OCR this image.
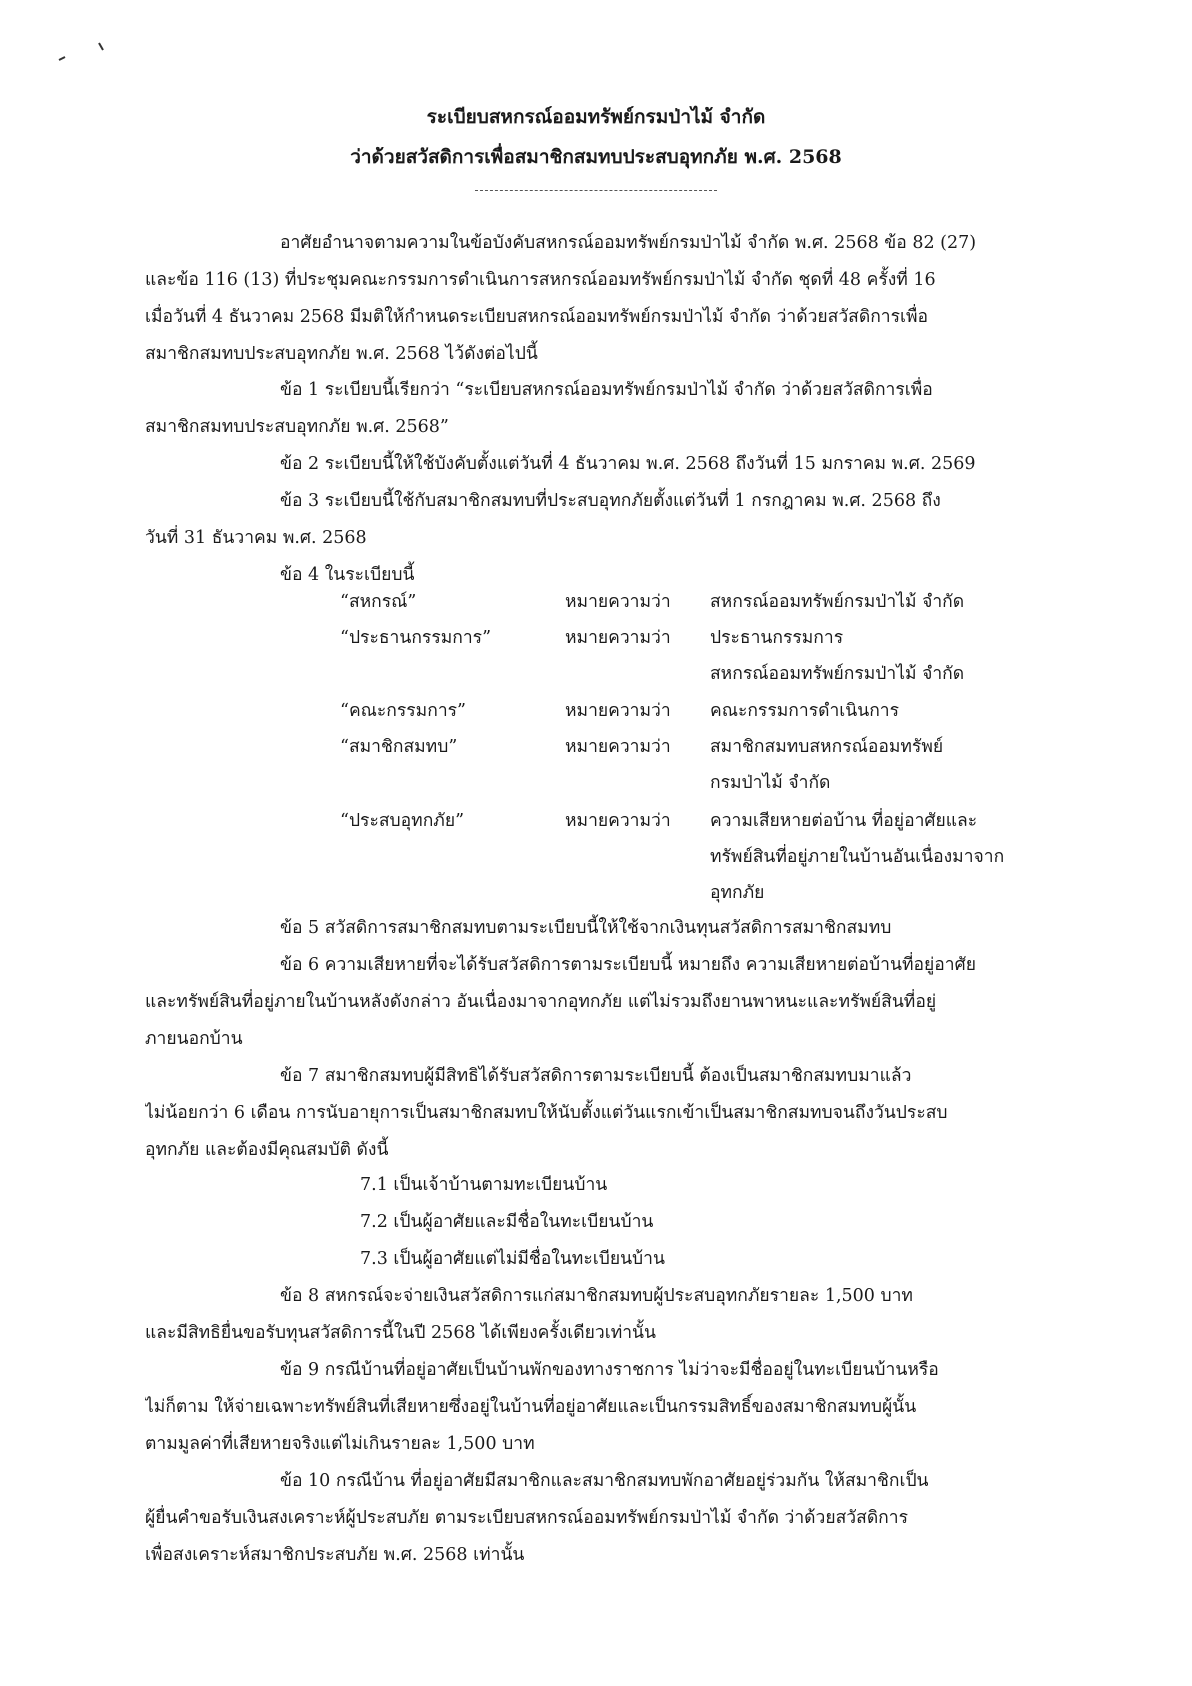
ระเบียบสหกรณ์ออมทรัพย์กรมป่าไม้ จำกัด
ว่าด้วยสวัสดิการเพื่อสมาชิกสมทบประสบอุทกภัย พ.ศ. 2568
อาศัยอำนาจตามความในข้อบังคับสหกรณ์ออมทรัพย์กรมป่าไม้ จำกัด พ.ศ. 2568 ข้อ 82 (27)
และข้อ 116 (13) ที่ประชุมคณะกรรมการดำเนินการสหกรณ์ออมทรัพย์กรมป่าไม้ จำกัด ชุดที่ 48 ครั้งที่ 16
เมื่อวันที่ 4 ธันวาคม 2568 มีมติให้กำหนดระเบียบสหกรณ์ออมทรัพย์กรมป่าไม้ จำกัด ว่าด้วยสวัสดิการเพื่อ
สมาชิกสมทบประสบอุทกภัย พ.ศ. 2568 ไว้ดังต่อไปนี้
ข้อ 1 ระเบียบนี้เรียกว่า “ระเบียบสหกรณ์ออมทรัพย์กรมป่าไม้ จำกัด ว่าด้วยสวัสดิการเพื่อ
สมาชิกสมทบประสบอุทกภัย พ.ศ. 2568”
ข้อ 2 ระเบียบนี้ให้ใช้บังคับตั้งแต่วันที่ 4 ธันวาคม พ.ศ. 2568 ถึงวันที่ 15 มกราคม พ.ศ. 2569
ข้อ 3 ระเบียบนี้ใช้กับสมาชิกสมทบที่ประสบอุทกภัยตั้งแต่วันที่ 1 กรกฎาคม พ.ศ. 2568 ถึง
วันที่ 31 ธันวาคม พ.ศ. 2568
ข้อ 4 ในระเบียบนี้
“สหกรณ์”	หมายความว่า	สหกรณ์ออมทรัพย์กรมป่าไม้ จำกัด
“ประธานกรรมการ”	หมายความว่า	ประธานกรรมการ
สหกรณ์ออมทรัพย์กรมป่าไม้ จำกัด
“คณะกรรมการ”	หมายความว่า	คณะกรรมการดำเนินการ
“สมาชิกสมทบ”	หมายความว่า	สมาชิกสมทบสหกรณ์ออมทรัพย์
กรมป่าไม้ จำกัด
“ประสบอุทกภัย”	หมายความว่า	ความเสียหายต่อบ้าน ที่อยู่อาศัยและ
ทรัพย์สินที่อยู่ภายในบ้านอันเนื่องมาจาก
อุทกภัย
ข้อ 5 สวัสดิการสมาชิกสมทบตามระเบียบนี้ให้ใช้จากเงินทุนสวัสดิการสมาชิกสมทบ
ข้อ 6 ความเสียหายที่จะได้รับสวัสดิการตามระเบียบนี้ หมายถึง ความเสียหายต่อบ้านที่อยู่อาศัย
และทรัพย์สินที่อยู่ภายในบ้านหลังดังกล่าว อันเนื่องมาจากอุทกภัย แต่ไม่รวมถึงยานพาหนะและทรัพย์สินที่อยู่
ภายนอกบ้าน
ข้อ 7 สมาชิกสมทบผู้มีสิทธิได้รับสวัสดิการตามระเบียบนี้ ต้องเป็นสมาชิกสมทบมาแล้ว
ไม่น้อยกว่า 6 เดือน การนับอายุการเป็นสมาชิกสมทบให้นับตั้งแต่วันแรกเข้าเป็นสมาชิกสมทบจนถึงวันประสบ
อุทกภัย และต้องมีคุณสมบัติ ดังนี้
7.1 เป็นเจ้าบ้านตามทะเบียนบ้าน
7.2 เป็นผู้อาศัยและมีชื่อในทะเบียนบ้าน
7.3 เป็นผู้อาศัยแต่ไม่มีชื่อในทะเบียนบ้าน
ข้อ 8 สหกรณ์จะจ่ายเงินสวัสดิการแก่สมาชิกสมทบผู้ประสบอุทกภัยรายละ 1,500 บาท
และมีสิทธิยื่นขอรับทุนสวัสดิการนี้ในปี 2568 ได้เพียงครั้งเดียวเท่านั้น
ข้อ 9 กรณีบ้านที่อยู่อาศัยเป็นบ้านพักของทางราชการ ไม่ว่าจะมีชื่ออยู่ในทะเบียนบ้านหรือ
ไม่ก็ตาม ให้จ่ายเฉพาะทรัพย์สินที่เสียหายซึ่งอยู่ในบ้านที่อยู่อาศัยและเป็นกรรมสิทธิ์ของสมาชิกสมทบผู้นั้น
ตามมูลค่าที่เสียหายจริงแต่ไม่เกินรายละ 1,500 บาท
ข้อ 10 กรณีบ้าน ที่อยู่อาศัยมีสมาชิกและสมาชิกสมทบพักอาศัยอยู่ร่วมกัน ให้สมาชิกเป็น
ผู้ยื่นคำขอรับเงินสงเคราะห์ผู้ประสบภัย ตามระเบียบสหกรณ์ออมทรัพย์กรมป่าไม้ จำกัด ว่าด้วยสวัสดิการ
เพื่อสงเคราะห์สมาชิกประสบภัย พ.ศ. 2568 เท่านั้น
